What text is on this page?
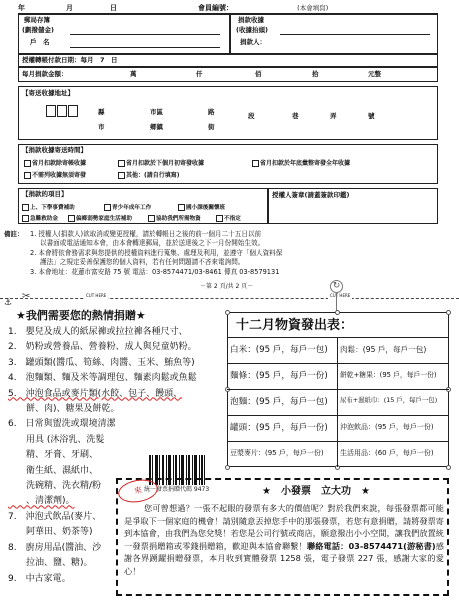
年	月	日	會員編號：	(本會填寫)
郵局存簿
(劃撥儲金)
戶　名
捐款收據
(收據抬頭)
捐款人：
授權轉帳付款日期：每月　7　日
每月捐款金額：	萬	仟	佰	拾	元整
【寄送收據地址】
縣	市區	路	段	巷	弄	號
市	鄉鎮	街
【捐款收據寄送時間】
省月扣款除寄帳收據	省月扣款於下個月初寄發收據	省月扣款於年底彙整寄發全年收據
不需列收據無須寄發	其他：(請自行填寫)
【捐款的項目】
上、下學事費補助	青少年成年工作	國小課後關懷班
急難救助金	偏鄉弱勢家庭生活補助	協助我們所需物資	不指定
授權人簽章(請蓋簽款印鑑)
備註： 1. 授權人(捐款人)欲取消或變更授權，請於轉帳日之後的前一個月二十五日以前
以書面或電話通知本會，由本會轉達郵局，並於送達後之下一月份開始生效。
2. 本會將依會務需求與您提供的授權資料進行蒐集、處理及利用，並遵守「個人資料保
護法」之規定妥善保護您的個人資料，若有任何問題請不吝來電詢問。
3. 本會地址：花蓮市富安路 75 號 電話：03-8574471/03-8461 傳真 03-8579131
－第 2 頁/共 2 頁－
✂	CUT HERE	CUT HERE
↻
⚓
★我們需要您的熱情捐贈★
1.　嬰兒及成人的紙尿褲或拉拉褲各種尺寸、
2.　奶粉或營養品、營養粉、成人與兒童奶粉。
3.　罐頭類(醬瓜、筍絲、肉醬、玉米、鮪魚等)
4.　泡麵類、麵及米等調理包、麵素肉鬆或魚鬆
5.　沖泡食品或麥片類(水餃、包子、饅頭、
　　餅、肉)、糖果及餅乾。
6.　日常與盥洗或環境清潔
　　用具 (沐浴乳、洗髮
　　精、牙膏、牙刷、
　　衛生紙、濕紙巾、
　　洗碗精、洗衣精/粉
　　、清潔劑)。
7.　沖泡式飲品(麥片、
　　阿華田、奶茶等)
8.　廚房用品(醬油、沙
　　拉油、鹽、糖)。
9.　中古家電。
統一發票捐贈代碼 9473
十二月物資發出表：
白米：(95 戶，每戶一包) 肉鬆：(95 戶，每戶一包)
麵條：(95 戶，每戶一份) 餅乾+糖果：(95 戶，每戶一份)
泡麵：(95 戶，每戶一包) 尿布+濕紙巾：(15 戶，每戶一包)
罐頭：(95 戶，每戶一份) 沖泡飲品：(95 戶，每戶一份)
豆漿麥片：(95 戶，每戶一份) 生活用品：(60 戶，每戶一份)
來	★　小發票　立大功　★
您可曾想過？一張不起眼的發票有多大的價值呢？對於我們來說，每張發票都可能是爭取下一個家庭的機會！請別隨意丟掉您手中的那張發票，若您有意捐贈，請將發票寄到本協會，由我們為您兌獎！若您是公司行號或商店，願意撥出小小空間，讓我們放置統一發票捐贈箱或零錢捐贈箱，歡迎與本協會聯繫！聯絡電話：03-8574471(游秘書)感謝各界踴躍捐贈發票，本月收到實體發票 1258 張，電子發票 227 張，感謝大家的愛心！
